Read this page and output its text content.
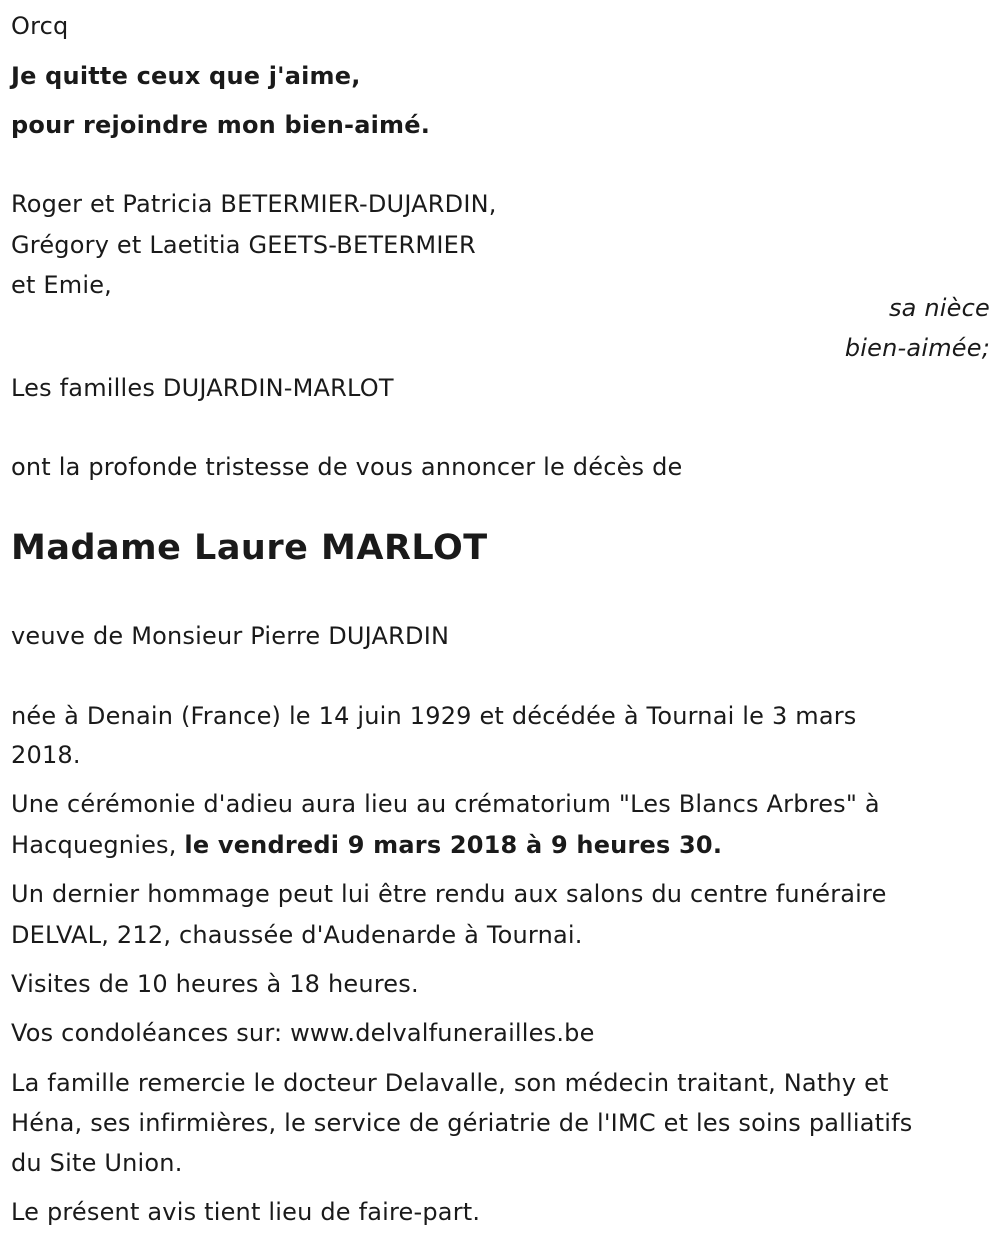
Orcq
Je quitte ceux que j'aime,
pour rejoindre mon bien-aimé.
Roger et Patricia BETERMIER-DUJARDIN,
Grégory et Laetitia GEETS-BETERMIER
et Emie,
sa nièce
bien-aimée;
Les familles DUJARDIN-MARLOT
ont la profonde tristesse de vous annoncer le décès de
Madame Laure MARLOT
veuve de Monsieur Pierre DUJARDIN
née à Denain (France) le 14 juin 1929 et décédée à Tournai le 3 mars
2018.
Une cérémonie d'adieu aura lieu au crématorium "Les Blancs Arbres" à
Hacquegnies, le vendredi 9 mars 2018 à 9 heures 30.
Un dernier hommage peut lui être rendu aux salons du centre funéraire
DELVAL, 212, chaussée d'Audenarde à Tournai.
Visites de 10 heures à 18 heures.
Vos condoléances sur: www.delvalfunerailles.be
La famille remercie le docteur Delavalle, son médecin traitant, Nathy et
Héna, ses infirmières, le service de gériatrie de l'IMC et les soins palliatifs
du Site Union.
Le présent avis tient lieu de faire-part.
